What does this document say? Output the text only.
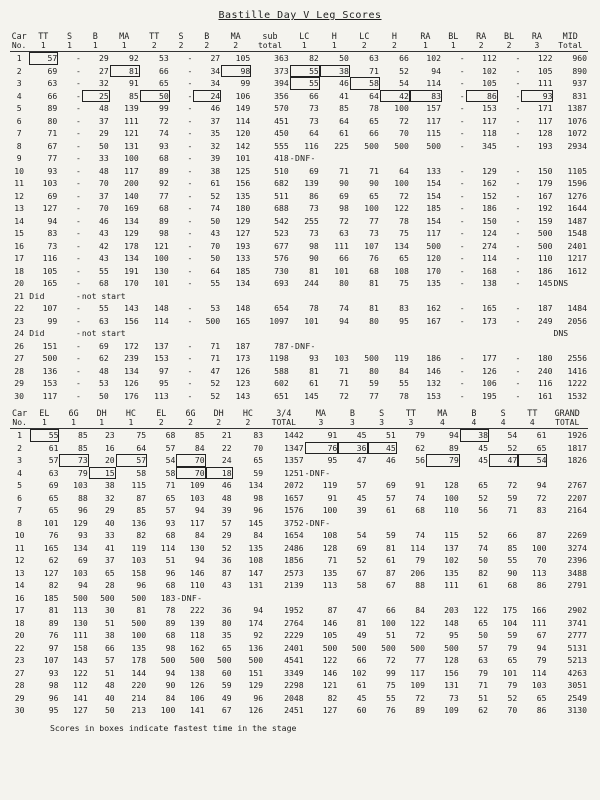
Bastille Day V Leg Scores
Car	TT	S	B	MA	TT	S	B	MA	sub	LC	H	LC	H	RA	BL	RA	BL	RA	MID
No.	1	1	1	1	2	2	2	2	total	1	1	2	2	1	1	2	2	3	Total
1	57	-	29	92	53	-	27	105	363	82	50	63	66	102	-	112	-	122	960
2	69	-	27	81	66	-	34	98	373	55	38	71	52	94	-	102	-	105	890
3	63	-	32	91	65	-	34	99	394	55	46	58	54	114	-	105	-	111	937
4	66	-	25	85	50	-	24	106	356	66	41	64	42	83	-	86	-	93	831
5	89	-	48	139	99	-	46	149	570	73	85	78	100	157	-	153	-	171	1387
6	80	-	37	111	72	-	37	114	451	73	64	65	72	117	-	117	-	117	1076
7	71	-	29	121	74	-	35	120	450	64	61	66	70	115	-	118	-	128	1072
8	67	-	50	131	93	-	32	142	555	116	225	500	500	500	-	345	-	193	2934
9	77	-	33	100	68	-	39	101	418	-DNF-									
10	93	-	48	117	89	-	38	125	510	69	71	71	64	133	-	129	-	150	1105
11	103	-	70	200	92	-	61	156	682	139	90	90	100	154	-	162	-	179	1596
12	69	-	37	140	77	-	52	135	511	86	69	65	72	154	-	152	-	167	1276
13	127	-	70	169	68	-	74	180	688	73	98	100	122	185	-	186	-	192	1644
14	94	-	46	134	89	-	50	129	542	255	72	77	78	154	-	150	-	159	1487
15	83	-	43	129	98	-	43	127	523	73	63	73	75	117	-	124	-	500	1548
16	73	-	42	178	121	-	70	193	677	98	111	107	134	500	-	274	-	500	2401
17	116	-	43	134	100	-	50	133	576	90	66	76	65	120	-	114	-	110	1217
18	105	-	55	191	130	-	64	185	730	81	101	68	108	170	-	168	-	186	1612
20	165	-	68	170	101	-	55	134	693	244	80	81	75	135	-	138	-	145	DNS
21	Did	-	not start																
22	107	-	55	143	148	-	53	148	654	78	74	81	83	162	-	165	-	187	1484
23	99	-	63	156	114	-	500	165	1097	101	94	80	95	167	-	173	-	249	2056
24	Did	-	not start																DNS
26	151	-	69	172	137	-	71	187	787	-DNF-									
27	500	-	62	239	153	-	71	173	1198	93	103	500	119	186	-	177	-	180	2556
28	136	-	48	134	97	-	47	126	588	81	71	80	84	146	-	126	-	240	1416
29	153	-	53	126	95	-	52	123	602	61	71	59	55	132	-	106	-	116	1222
30	117	-	50	176	113	-	52	143	651	145	72	77	78	153	-	195	-	161	1532
Car	EL	6G	DH	HC	EL	6G	DH	HC	3/4	MA	B	S	TT	MA	B	S	TT	GRAND
No.	1	1	1	1	2	2	2	2	TOTAL	3	3	3	3	4	4	4	4	TOTAL
1	55	85	23	75	68	85	21	83	1442	91	45	51	79	94	38	54	61	1926
2	61	85	16	64	57	84	22	70	1347	76	36	45	62	89	45	52	65	1817
3	57	73	20	57	54	70	24	65	1357	95	47	46	56	79	45	47	54	1826
4	63	79	15	58	58	70	18	59	1251	-DNF-								
5	69	103	38	115	71	109	46	134	2072	119	57	69	91	128	65	72	94	2767
6	65	88	32	87	65	103	48	98	1657	91	45	57	74	100	52	59	72	2207
7	65	96	29	85	57	94	39	96	1576	100	39	61	68	110	56	71	83	2164
8	101	129	40	136	93	117	57	145	3752	-DNF-								
10	76	93	33	82	68	84	29	84	1654	108	54	59	74	115	52	66	87	2269
11	165	134	41	119	114	130	52	135	2486	128	69	81	114	137	74	85	100	3274
12	62	69	37	103	51	94	36	108	1856	71	52	61	79	102	50	55	70	2396
13	127	103	65	158	96	146	87	147	2573	135	67	87	206	135	82	90	113	3488
14	82	94	28	96	68	110	43	131	2139	113	58	67	88	111	61	68	86	2791
16	185	500	500	500	183	-DNF-												
17	81	113	30	81	78	222	36	94	1952	87	47	66	84	203	122	175	166	2902
18	89	130	51	500	89	139	80	174	2764	146	81	100	122	148	65	104	111	3741
20	76	111	38	100	68	118	35	92	2229	105	49	51	72	95	50	59	67	2777
22	97	158	66	135	98	162	65	136	2401	500	500	500	500	500	57	79	94	5131
23	107	143	57	178	500	500	500	500	4541	122	66	72	77	128	63	65	79	5213
27	93	122	51	144	94	138	60	151	3349	146	102	99	117	156	79	101	114	4263
28	98	112	48	220	90	126	59	129	2298	121	61	75	109	131	71	79	103	3051
29	96	141	40	214	84	106	49	96	2048	82	45	55	72	73	51	52	65	2549
30	95	127	50	213	100	141	67	126	2451	127	60	76	89	109	62	70	86	3130
Scores in boxes indicate fastest time in the stage
